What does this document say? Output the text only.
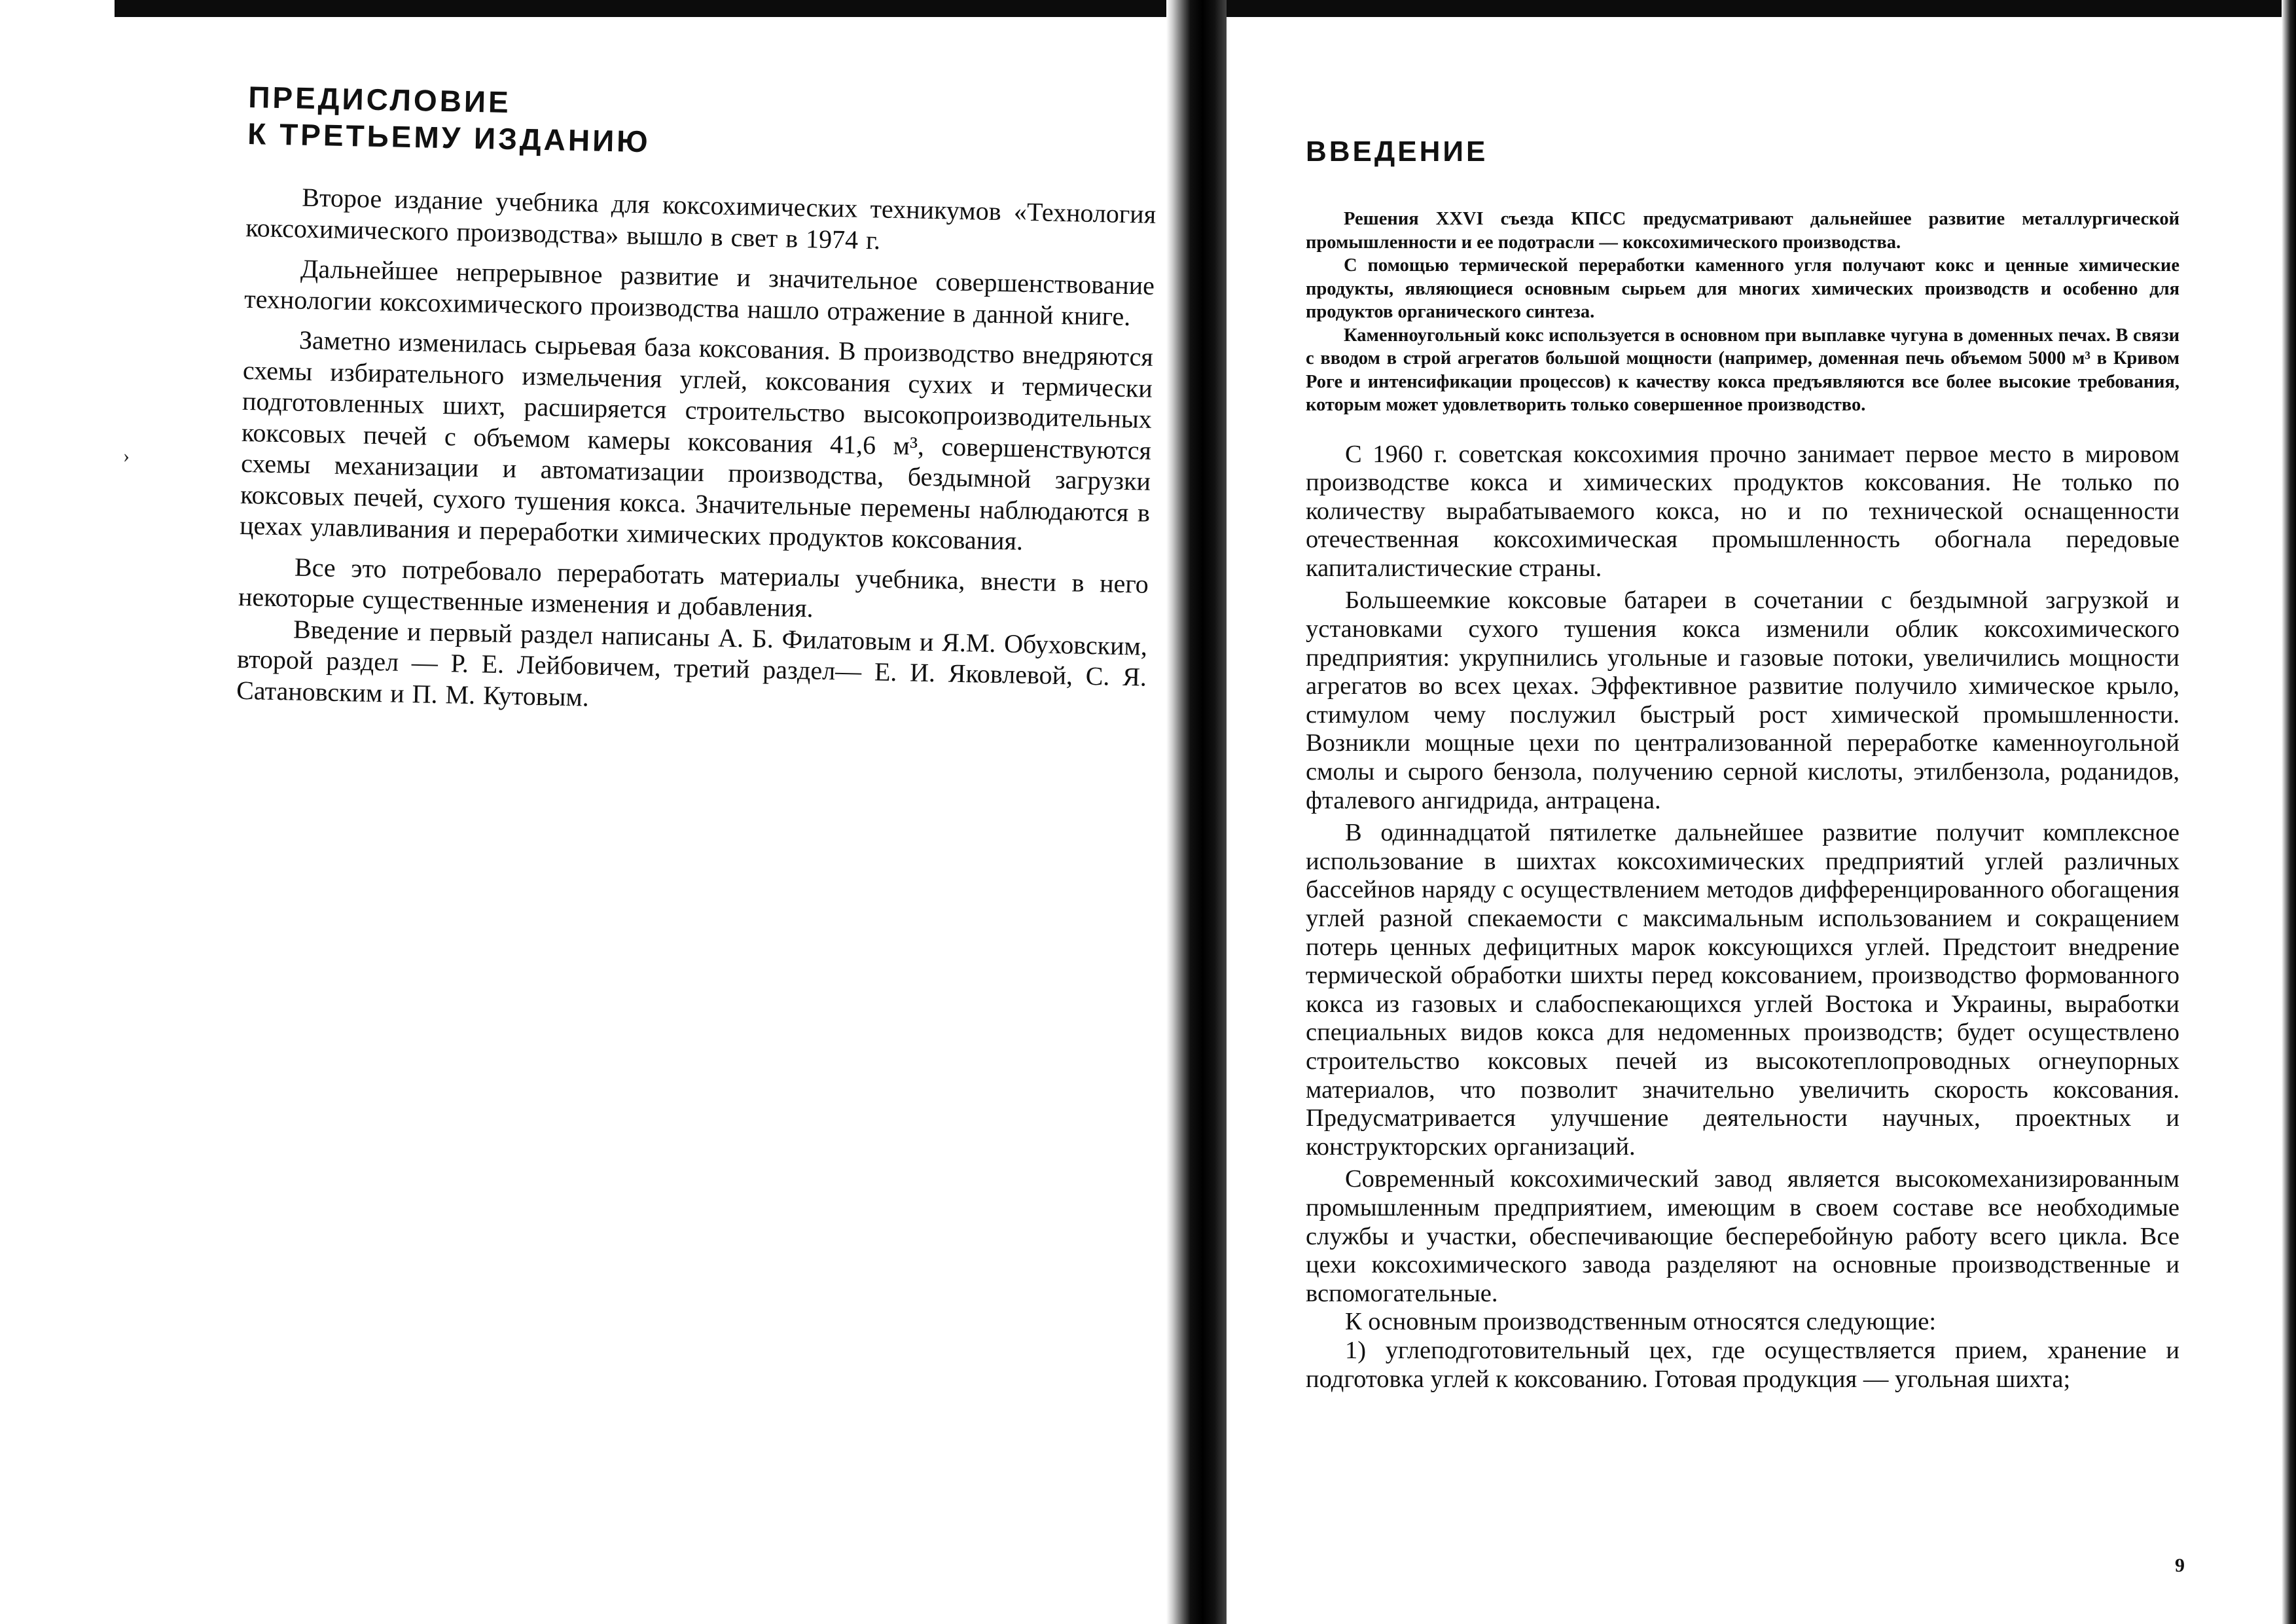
›
ПРЕДИСЛОВИЕ
К ТРЕТЬЕМУ ИЗДАНИЮ

Второе издание учебника для коксохимических техникумов «Технология коксохимического производства» вышло в свет в 1974 г.

Дальнейшее непрерывное развитие и значительное совершенствование технологии коксохимического производства нашло отражение в данной книге.

Заметно изменилась сырьевая база коксования. В производство внедряются схемы избирательного измельчения углей, коксования сухих и термически подготовленных шихт, расширяется строительство высокопроизводительных коксовых печей с объемом камеры коксования 41,6 м³, совершенствуются схемы механизации и автоматизации производства, бездымной загрузки коксовых печей, сухого тушения кокса. Значительные перемены наблюдаются в цехах улавливания и переработки химических продуктов коксования.

Все это потребовало переработать материалы учебника, внести в него некоторые существенные изменения и добавления.

Введение и первый раздел написаны А. Б. Филатовым и Я.М. Обуховским, второй раздел — Р. Е. Лейбовичем, третий раздел— Е. И. Яковлевой, С. Я. Сатановским и П. М. Кутовым.

ВВЕДЕНИЕ

Решения XXVI съезда КПСС предусматривают дальнейшее развитие металлургической промышленности и ее подотрасли — коксохимического производства.

С помощью термической переработки каменного угля получают кокс и ценные химические продукты, являющиеся основным сырьем для многих химических производств и особенно для продуктов органического синтеза.

Каменноугольный кокс используется в основном при выплавке чугуна в доменных печах. В связи с вводом в строй агрегатов большой мощности (например, доменная печь объемом 5000 м³ в Кривом Роге и интенсификации процессов) к качеству кокса предъявляются все более высокие требования, которым может удовлетворить только совершенное производство.

С 1960 г. советская коксохимия прочно занимает первое место в мировом производстве кокса и химических продуктов коксования. Не только по количеству вырабатываемого кокса, но и по технической оснащенности отечественная коксохимическая промышленность обогнала передовые капиталистические страны.

Большеемкие коксовые батареи в сочетании с бездымной загрузкой и установками сухого тушения кокса изменили облик коксохимического предприятия: укрупнились угольные и газовые потоки, увеличились мощности агрегатов во всех цехах. Эффективное развитие получило химическое крыло, стимулом чему послужил быстрый рост химической промышленности. Возникли мощные цехи по централизованной переработке каменноугольной смолы и сырого бензола, получению серной кислоты, этилбензола, роданидов, фталевого ангидрида, антрацена.

В одиннадцатой пятилетке дальнейшее развитие получит комплексное использование в шихтах коксохимических предприятий углей различных бассейнов наряду с осуществлением методов дифференцированного обогащения углей разной спекаемости с максимальным использованием и сокращением потерь ценных дефицитных марок коксующихся углей. Предстоит внедрение термической обработки шихты перед коксованием, производство формованного кокса из газовых и слабоспекающихся углей Востока и Украины, выработки специальных видов кокса для недоменных производств; будет осуществлено строительство коксовых печей из высокотеплопроводных огнеупорных материалов, что позволит значительно увеличить скорость коксования. Предусматривается улучшение деятельности научных, проектных и конструкторских организаций.

Современный коксохимический завод является высокомеханизированным промышленным предприятием, имеющим в своем составе все необходимые службы и участки, обеспечивающие бесперебойную работу всего цикла. Все цехи коксохимического завода разделяют на основные производственные и вспомогательные.

К основным производственным относятся следующие:

1) углеподготовительный цех, где осуществляется прием, хранение и подготовка углей к коксованию. Готовая продукция — угольная шихта;

9
